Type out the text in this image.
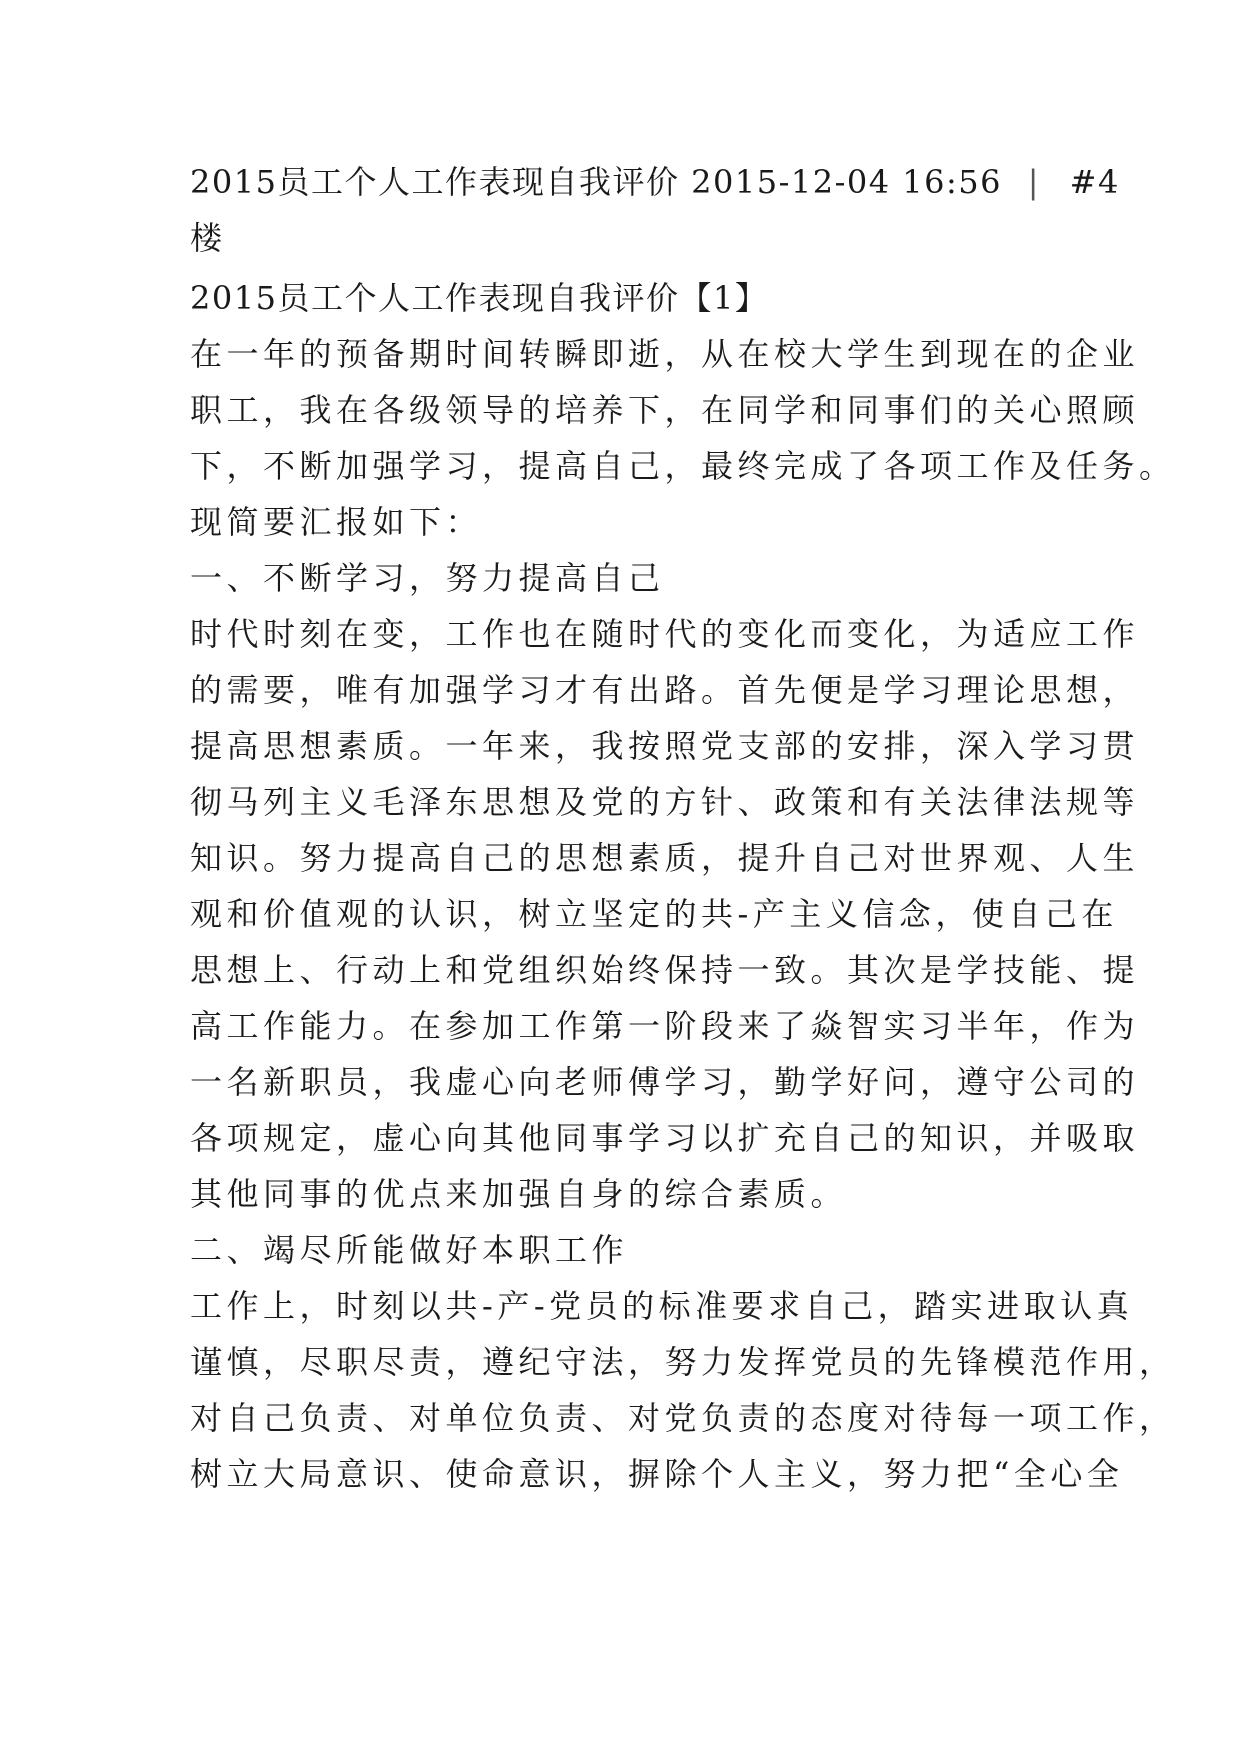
2015员工个人工作表现自我评价 2015-12-04 16:56 | #4
楼
2015员工个人工作表现自我评价【1】
在一年的预备期时间转瞬即逝，从在校大学生到现在的企业
职工，我在各级领导的培养下，在同学和同事们的关心照顾
下，不断加强学习，提高自己，最终完成了各项工作及任务。
现简要汇报如下：
一、不断学习，努力提高自己
时代时刻在变，工作也在随时代的变化而变化，为适应工作
的需要，唯有加强学习才有出路。首先便是学习理论思想，
提高思想素质。一年来，我按照党支部的安排，深入学习贯
彻马列主义毛泽东思想及党的方针、政策和有关法律法规等
知识。努力提高自己的思想素质，提升自己对世界观、人生
观和价值观的认识，树立坚定的共-产主义信念，使自己在
思想上、行动上和党组织始终保持一致。其次是学技能、提
高工作能力。在参加工作第一阶段来了焱智实习半年，作为
一名新职员，我虚心向老师傅学习，勤学好问，遵守公司的
各项规定，虚心向其他同事学习以扩充自己的知识，并吸取
其他同事的优点来加强自身的综合素质。
二、竭尽所能做好本职工作
工作上，时刻以共-产-党员的标准要求自己，踏实进取认真
谨慎，尽职尽责，遵纪守法，努力发挥党员的先锋模范作用，
对自己负责、对单位负责、对党负责的态度对待每一项工作，
树立大局意识、使命意识，摒除个人主义，努力把“全心全
